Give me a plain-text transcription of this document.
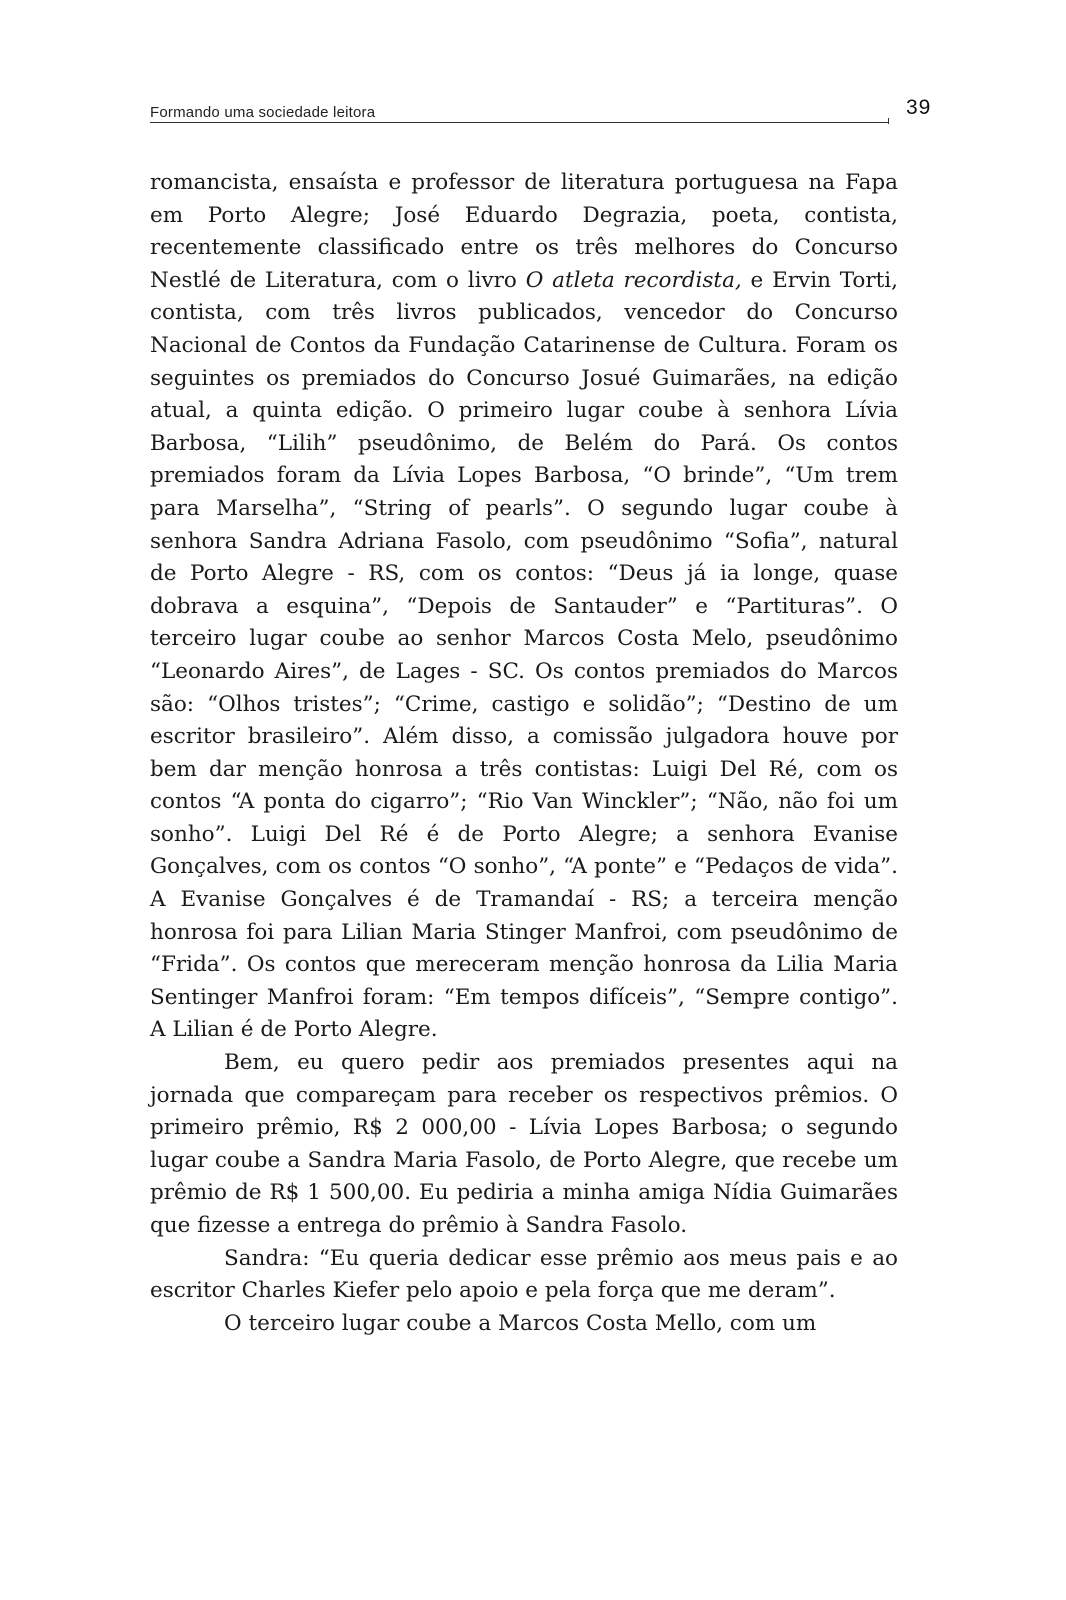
Formando uma sociedade leitora	39

romancista, ensaísta e professor de literatura portuguesa na Fapa em Porto Alegre; José Eduardo Degrazia, poeta, contista, recentemente classificado entre os três melhores do Concurso Nestlé de Literatura, com o livro O atleta recordista, e Ervin Torti, contista, com três livros publicados, vencedor do Concurso Nacional de Contos da Fundação Catarinense de Cultura. Foram os seguintes os premiados do Concurso Josué Guimarães, na edição atual, a quinta edição. O primeiro lugar coube à senhora Lívia Barbosa, “Lilih” pseudônimo, de Belém do Pará. Os contos premiados foram da Lívia Lopes Barbosa, “O brinde”, “Um trem para Marselha”, “String of pearls”. O segundo lugar coube à senhora Sandra Adriana Fasolo, com pseudônimo “Sofia”, natural de Porto Alegre - RS, com os contos: “Deus já ia longe, quase dobrava a esquina”, “Depois de Santauder” e “Partituras”. O terceiro lugar coube ao senhor Marcos Costa Melo, pseudônimo “Leonardo Aires”, de Lages - SC. Os contos premiados do Marcos são: “Olhos tristes”; “Crime, castigo e solidão”; “Destino de um escritor brasileiro”. Além disso, a comissão julgadora houve por bem dar menção honrosa a três contistas: Luigi Del Ré, com os contos “A ponta do cigarro”; “Rio Van Winckler”; “Não, não foi um sonho”. Luigi Del Ré é de Porto Alegre; a senhora Evanise Gonçalves, com os contos “O sonho”, “A ponte” e “Pedaços de vida”. A Evanise Gonçalves é de Tramandaí - RS; a terceira menção honrosa foi para Lilian Maria Stinger Manfroi, com pseudônimo de “Frida”. Os contos que mereceram menção honrosa da Lilia Maria Sentinger Manfroi foram: “Em tempos difíceis”, “Sempre contigo”. A Lilian é de Porto Alegre.

Bem, eu quero pedir aos premiados presentes aqui na jornada que compareçam para receber os respectivos prêmios. O primeiro prêmio, R$ 2 000,00 - Lívia Lopes Barbosa; o segundo lugar coube a Sandra Maria Fasolo, de Porto Alegre, que recebe um prêmio de R$ 1 500,00. Eu pediria a minha amiga Nídia Guimarães que fizesse a entrega do prêmio à Sandra Fasolo.

Sandra: “Eu queria dedicar esse prêmio aos meus pais e ao escritor Charles Kiefer pelo apoio e pela força que me deram”.

O terceiro lugar coube a Marcos Costa Mello, com um
